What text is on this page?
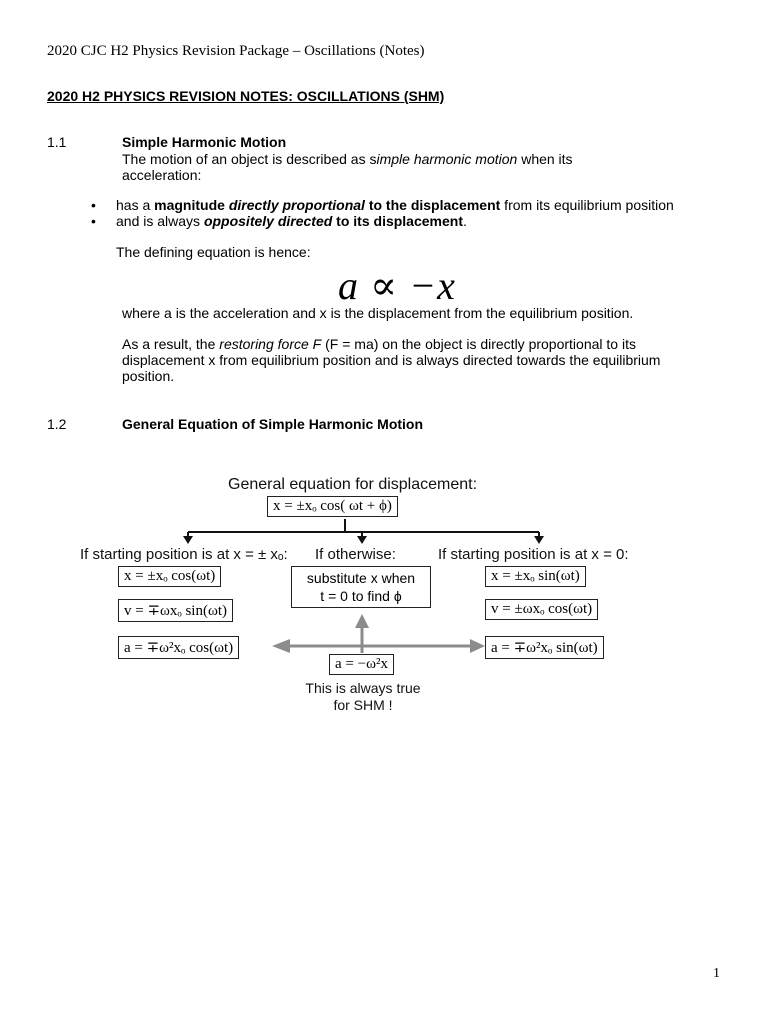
2020 CJC H2 Physics Revision Package – Oscillations (Notes)
2020 H2 PHYSICS REVISION NOTES: OSCILLATIONS (SHM)
1.1	Simple Harmonic Motion
The motion of an object is described as simple harmonic motion when its
acceleration:
• has a magnitude directly proportional to the displacement from its equilibrium position
• and is always oppositely directed to its displacement.
The defining equation is hence:
a ∝ −x
where a is the acceleration and x is the displacement from the equilibrium position.
As a result, the restoring force F (F = ma) on the object is directly proportional to its
displacement x from equilibrium position and is always directed towards the equilibrium
position.
1.2	General Equation of Simple Harmonic Motion
General equation for displacement:
x = ±xₒ cos( ωt + ϕ)
If starting position is at x = ± xₒ: If otherwise:	If starting position is at x = 0:
x = ±xₒ cos(ωt)
v = ∓ωxₒ sin(ωt)
a = ∓ω²xₒ cos(ωt)
substitute x when
t = 0 to find ϕ
x = ±xₒ sin(ωt)
v = ±ωxₒ cos(ωt)
a = ∓ω²xₒ sin(ωt)
a = −ω²x
This is always true
for SHM !
1
